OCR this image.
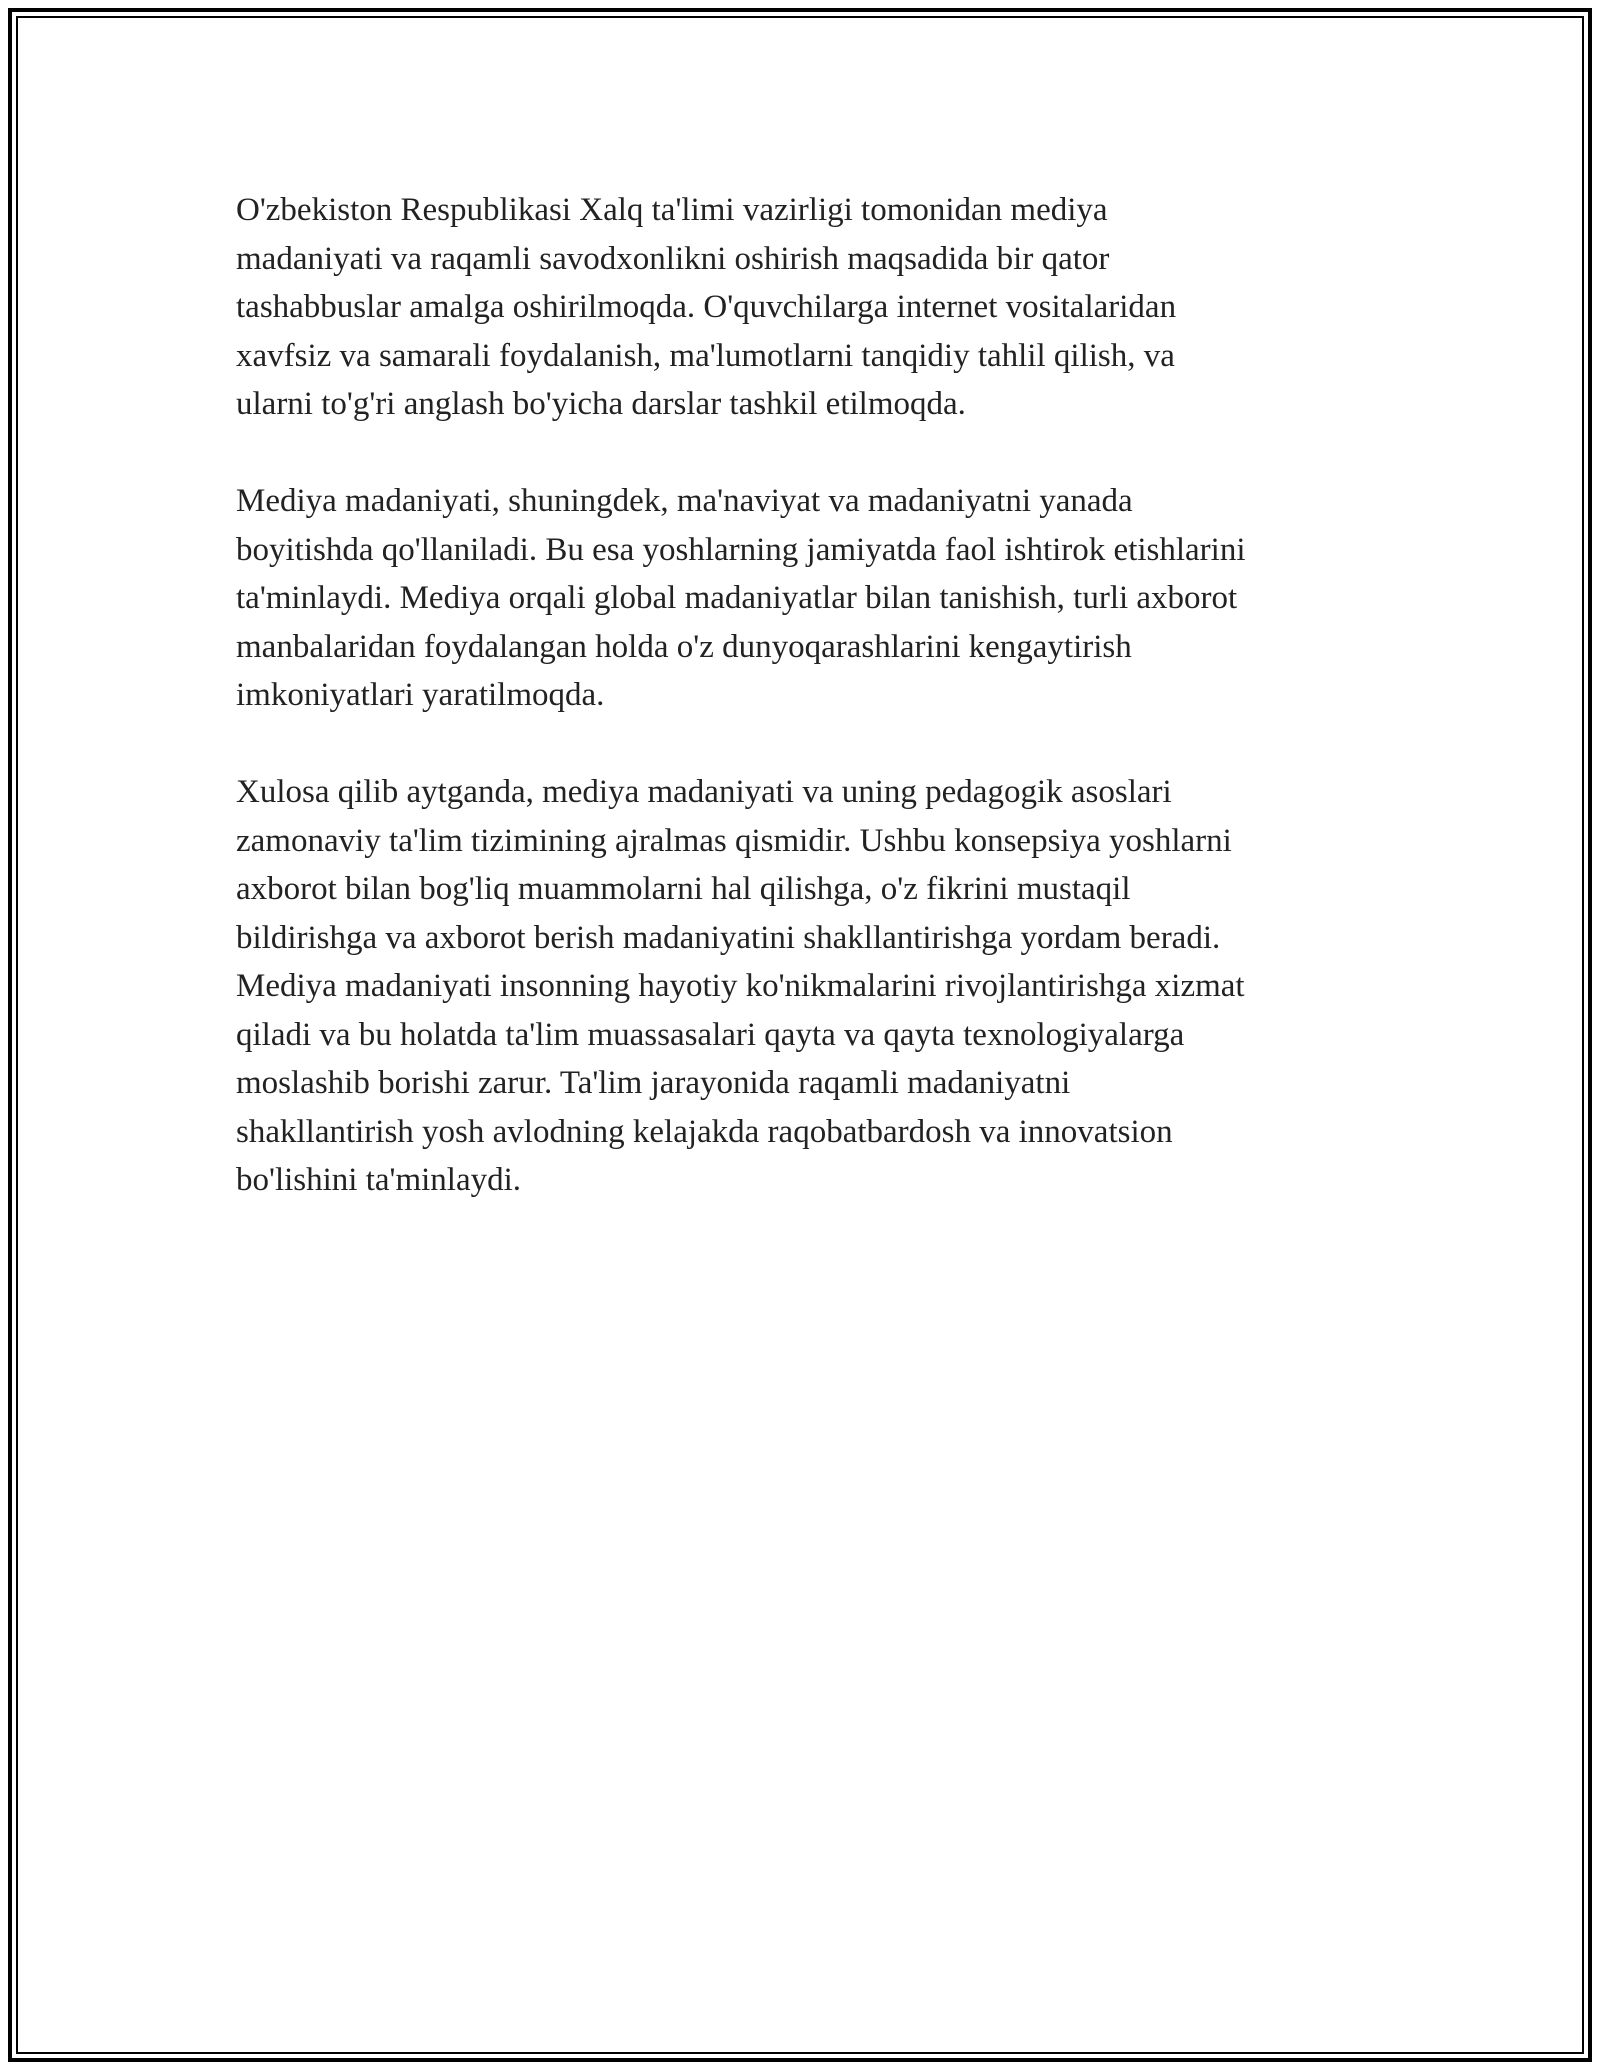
O'zbekiston Respublikasi Xalq ta'limi vazirligi tomonidan mediya
madaniyati va raqamli savodxonlikni oshirish maqsadida bir qator
tashabbuslar amalga oshirilmoqda. O'quvchilarga internet vositalaridan
xavfsiz va samarali foydalanish, ma'lumotlarni tanqidiy tahlil qilish, va
ularni to'g'ri anglash bo'yicha darslar tashkil etilmoqda.

Mediya madaniyati, shuningdek, ma'naviyat va madaniyatni yanada
boyitishda qo'llaniladi. Bu esa yoshlarning jamiyatda faol ishtirok etishlarini
ta'minlaydi. Mediya orqali global madaniyatlar bilan tanishish, turli axborot
manbalaridan foydalangan holda o'z dunyoqarashlarini kengaytirish
imkoniyatlari yaratilmoqda.

Xulosa qilib aytganda, mediya madaniyati va uning pedagogik asoslari
zamonaviy ta'lim tizimining ajralmas qismidir. Ushbu konsepsiya yoshlarni
axborot bilan bog'liq muammolarni hal qilishga, o'z fikrini mustaqil
bildirishga va axborot berish madaniyatini shakllantirishga yordam beradi.
Mediya madaniyati insonning hayotiy ko'nikmalarini rivojlantirishga xizmat
qiladi va bu holatda ta'lim muassasalari qayta va qayta texnologiyalarga
moslashib borishi zarur. Ta'lim jarayonida raqamli madaniyatni
shakllantirish yosh avlodning kelajakda raqobatbardosh va innovatsion
bo'lishini ta'minlaydi.
